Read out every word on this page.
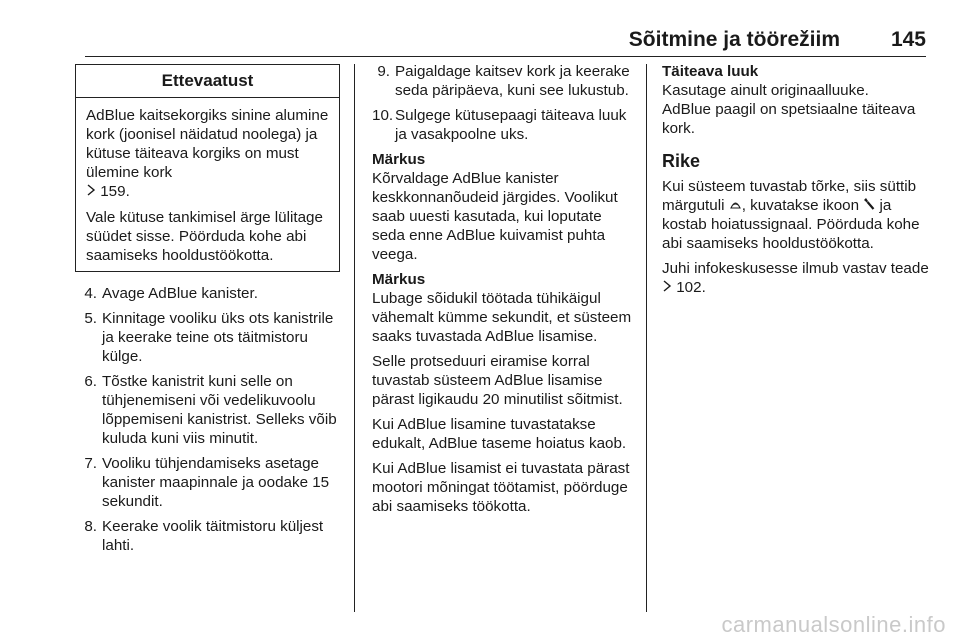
Sõitmine ja töörežiim 145
Ettevaatust

AdBlue kaitsekorgiks sinine alumine kork (joonisel näidatud noolega) ja kütuse täiteava korgiks on must ülemine kork
159.

Vale kütuse tankimisel ärge lülitage süüdet sisse. Pöörduda kohe abi saamiseks hooldustöökotta.

4. Avage AdBlue kanister.
5. Kinnitage vooliku üks ots kanistrile ja keerake teine ots täitmistoru külge.
6. Tõstke kanistrit kuni selle on tühjenemiseni või vedelikuvoolu lõppemiseni kanistrist. Selleks võib kuluda kuni viis minutit.
7. Vooliku tühjendamiseks asetage kanister maapinnale ja oodake 15 sekundit.
8. Keerake voolik täitmistoru küljest lahti.
9. Paigaldage kaitsev kork ja keerake seda päripäeva, kuni see lukustub.
10. Sulgege kütusepaagi täiteava luuk ja vasakpoolne uks.
Märkus

Kõrvaldage AdBlue kanister keskkonnanõudeid järgides. Voolikut saab uuesti kasutada, kui loputate seda enne AdBlue kuivamist puhta veega.

Märkus

Lubage sõidukil töötada tühikäigul vähemalt kümme sekundit, et süsteem saaks tuvastada AdBlue lisamise.

Selle protseduuri eiramise korral tuvastab süsteem AdBlue lisamise pärast ligikaudu 20 minutilist sõitmist.

Kui AdBlue lisamine tuvastatakse edukalt, AdBlue taseme hoiatus kaob.

Kui AdBlue lisamist ei tuvastata pärast mootori mõningat töötamist, pöörduge abi saamiseks töökotta.

Täiteava luuk

Kasutage ainult originaalluuke.

AdBlue paagil on spetsiaalne täiteava kork.

Rike

Kui süsteem tuvastab tõrke, siis süttib märgutuli , kuvatakse ikoon ja kostab hoiatussignaal. Pöörduda kohe abi saamiseks hooldustöökotta.

Juhi infokeskusesse ilmub vastav teade  102.

carmanualsonline.info
